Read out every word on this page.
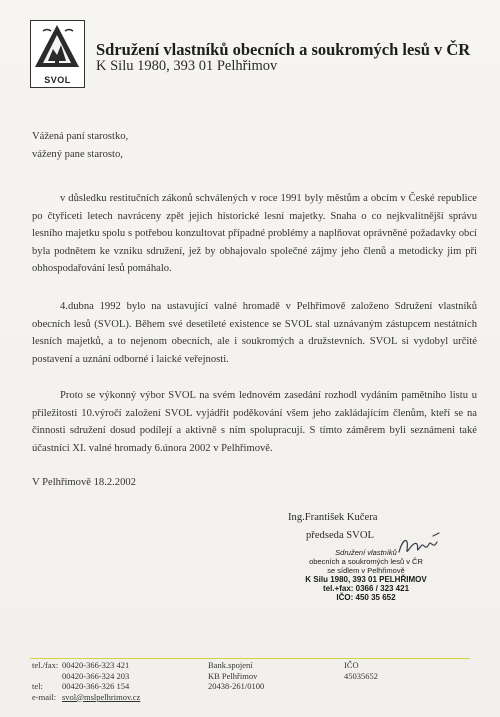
SVOL
Sdružení vlastníků obecních a soukromých lesů v ČR
K Silu 1980, 393 01 Pelhřimov
Vážená paní starostko,
vážený pane starosto,

v důsledku restitučních zákonů schválených v roce 1991 byly městům a obcím v České republice po čtyřiceti letech navráceny zpět jejich historické lesní majetky. Snaha o co nejkvalitnější správu lesního majetku spolu s potřebou konzultovat případné problémy a naplňovat oprávněné požadavky obcí byla podnětem ke vzniku sdružení, jež by obhajovalo společné zájmy jeho členů a metodicky jim při obhospodařování lesů pomáhalo.

4.dubna 1992 bylo na ustavující valné hromadě v Pelhřimově založeno Sdružení vlastníků obecních lesů (SVOL). Během své desetileté existence se SVOL stal uznávaným zástupcem nestátních lesních majetků, a to nejenom obecních, ale i soukromých a družstevních. SVOL si vydobyl určité postavení a uznání odborné i laické veřejnosti.

Proto se výkonný výbor SVOL na svém lednovém zasedání rozhodl vydáním pamětního listu u příležitosti 10.výročí založení SVOL vyjádřit poděkování všem jeho zakládajícím členům, kteří se na činnosti sdružení dosud podílejí a aktivně s ním spolupracují. S tímto záměrem byli seznámeni také účastníci XI. valné hromady 6.února 2002 v Pelhřimově.

V Pelhřimově 18.2.2002
Ing.František Kučera
předseda SVOL
Sdružení vlastníků
obecních a soukromých lesů v ČR
se sídlem v Pelhřimově
K Silu 1980, 393 01 PELHŘIMOV
tel.+fax: 0366 / 323 421
IČO: 450 35 652
tel./fax:

tel:
e-mail:
00420-366-323 421
00420-366-324 203
00420-366-326 154
svol@mslpelhrimov.cz
Bank.spojení
KB Pelhřimov
20438-261/0100
IČO
45035652
